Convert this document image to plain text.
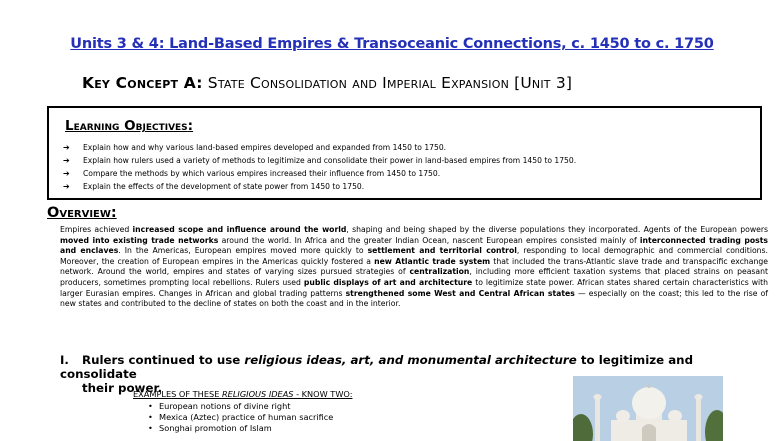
Units 3 & 4: Land-Based Empires & Transoceanic Connections, c. 1450 to c. 1750
Key Concept A: State Consolidation and Imperial Expansion [Unit 3]
Learning Objectives:
➔	Explain how and why various land-based empires developed and expanded from 1450 to 1750.
➔	Explain how rulers used a variety of methods to legitimize and consolidate their power in land-based empires from 1450 to 1750.
➔	Compare the methods by which various empires increased their influence from 1450 to 1750.
➔	Explain the effects of the development of state power from 1450 to 1750.
Overview:
Empires achieved increased scope and influence around the world, shaping and being shaped by the diverse populations they incorporated. Agents of the European powers moved into existing trade networks around the world. In Africa and the greater Indian Ocean, nascent European empires consisted mainly of interconnected trading posts and enclaves. In the Americas, European empires moved more quickly to settlement and territorial control, responding to local demographic and commercial conditions. Moreover, the creation of European empires in the Americas quickly fostered a new Atlantic trade system that included the trans-Atlantic slave trade and transpacific exchange network. Around the world, empires and states of varying sizes pursued strategies of centralization, including more efficient taxation systems that placed strains on peasant producers, sometimes prompting local rebellions. Rulers used public displays of art and architecture to legitimize state power. African states shared certain characteristics with larger Eurasian empires. Changes in African and global trading patterns strengthened some West and Central African states — especially on the coast; this led to the rise of new states and contributed to the decline of states on both the coast and in the interior.
I. Rulers continued to use religious ideas, art, and monumental architecture to legitimize and consolidate
their power.
EXAMPLES OF THESE RELIGIOUS IDEAS - KNOW TWO:
• European notions of divine right
• Mexica (Aztec) practice of human sacrifice
• Songhai promotion of Islam
